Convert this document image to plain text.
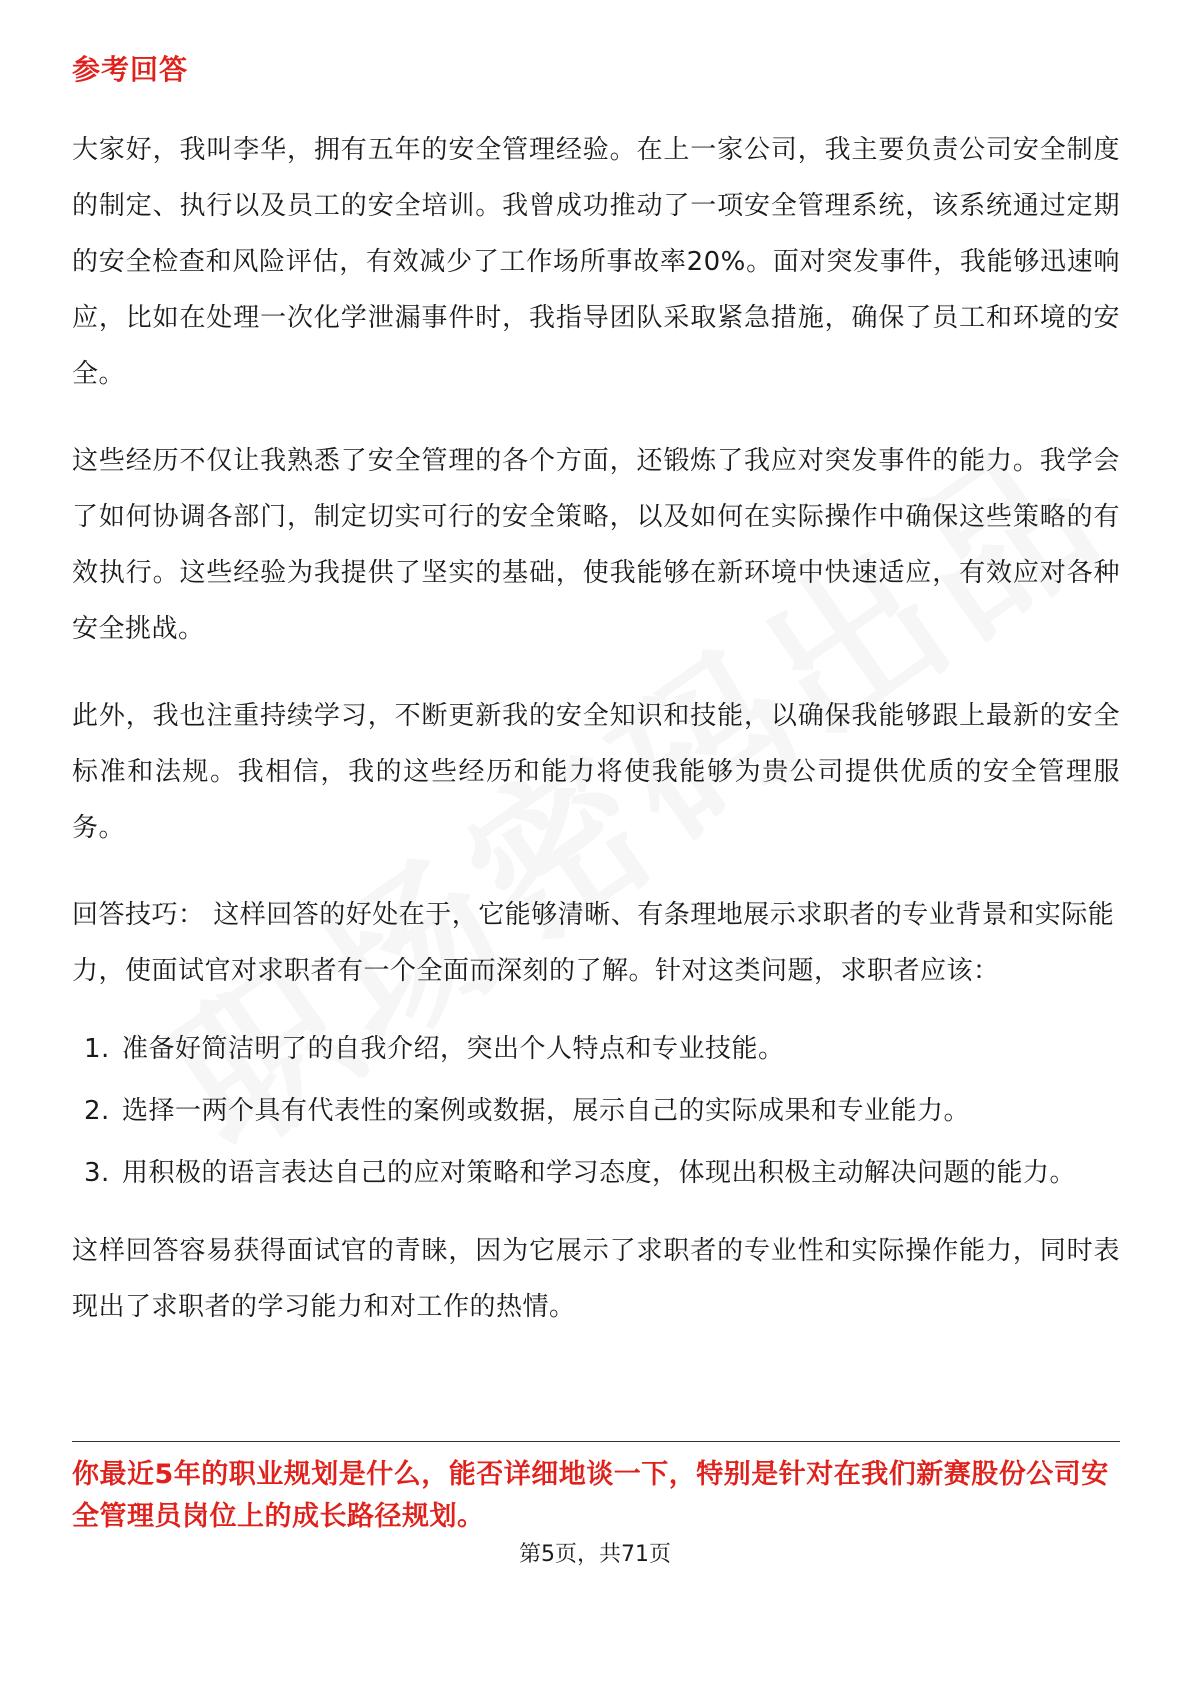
参考回答

大家好，我叫李华，拥有五年的安全管理经验。在上一家公司，我主要负责公司安全制度的制定、执行以及员工的安全培训。我曾成功推动了一项安全管理系统，该系统通过定期的安全检查和风险评估，有效减少了工作场所事故率20%。面对突发事件，我能够迅速响应，比如在处理一次化学泄漏事件时，我指导团队采取紧急措施，确保了员工和环境的安全。

这些经历不仅让我熟悉了安全管理的各个方面，还锻炼了我应对突发事件的能力。我学会了如何协调各部门，制定切实可行的安全策略，以及如何在实际操作中确保这些策略的有效执行。这些经验为我提供了坚实的基础，使我能够在新环境中快速适应，有效应对各种安全挑战。

此外，我也注重持续学习，不断更新我的安全知识和技能，以确保我能够跟上最新的安全标准和法规。我相信，我的这些经历和能力将使我能够为贵公司提供优质的安全管理服务。

回答技巧： 这样回答的好处在于，它能够清晰、有条理地展示求职者的专业背景和实际能力，使面试官对求职者有一个全面而深刻的了解。针对这类问题，求职者应该：

1. 准备好简洁明了的自我介绍，突出个人特点和专业技能。
2. 选择一两个具有代表性的案例或数据，展示自己的实际成果和专业能力。
3. 用积极的语言表达自己的应对策略和学习态度，体现出积极主动解决问题的能力。

这样回答容易获得面试官的青睐，因为它展示了求职者的专业性和实际操作能力，同时表现出了求职者的学习能力和对工作的热情。

你最近5年的职业规划是什么，能否详细地谈一下，特别是针对在我们新赛股份公司安全管理员岗位上的成长路径规划。
第5页，共71页
